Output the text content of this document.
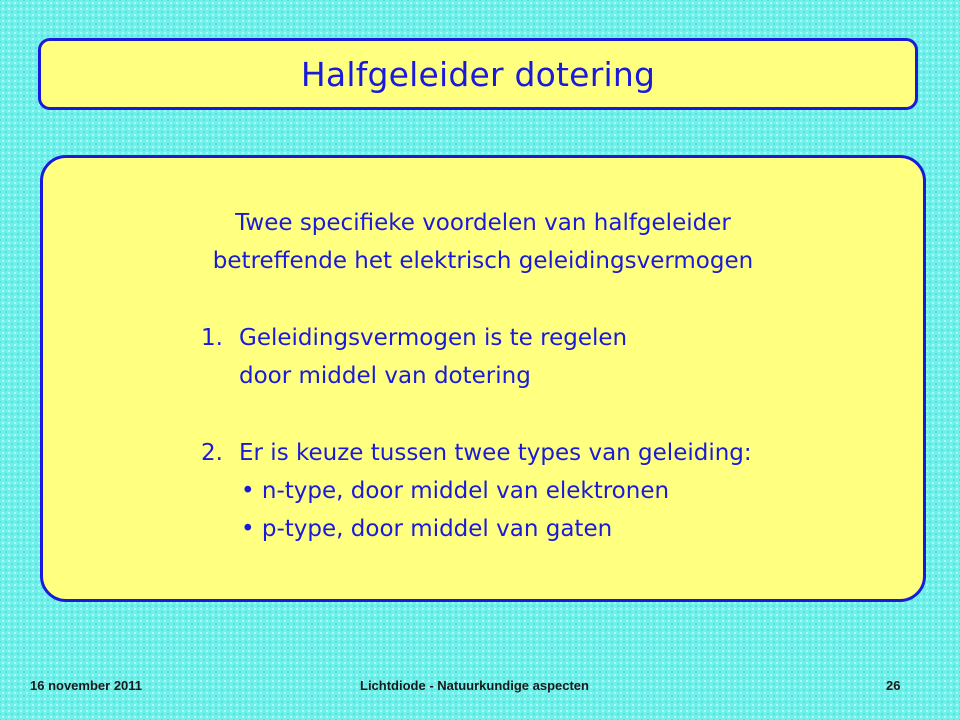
Halfgeleider dotering
Twee specifieke voordelen van halfgeleider
betreffende het elektrisch geleidingsvermogen
1. Geleidingsvermogen is te regelen
door middel van dotering
2. Er is keuze tussen twee types van geleiding:
• n-type, door middel van elektronen
• p-type, door middel van gaten
16 november 2011	Lichtdiode - Natuurkundige aspecten	26
